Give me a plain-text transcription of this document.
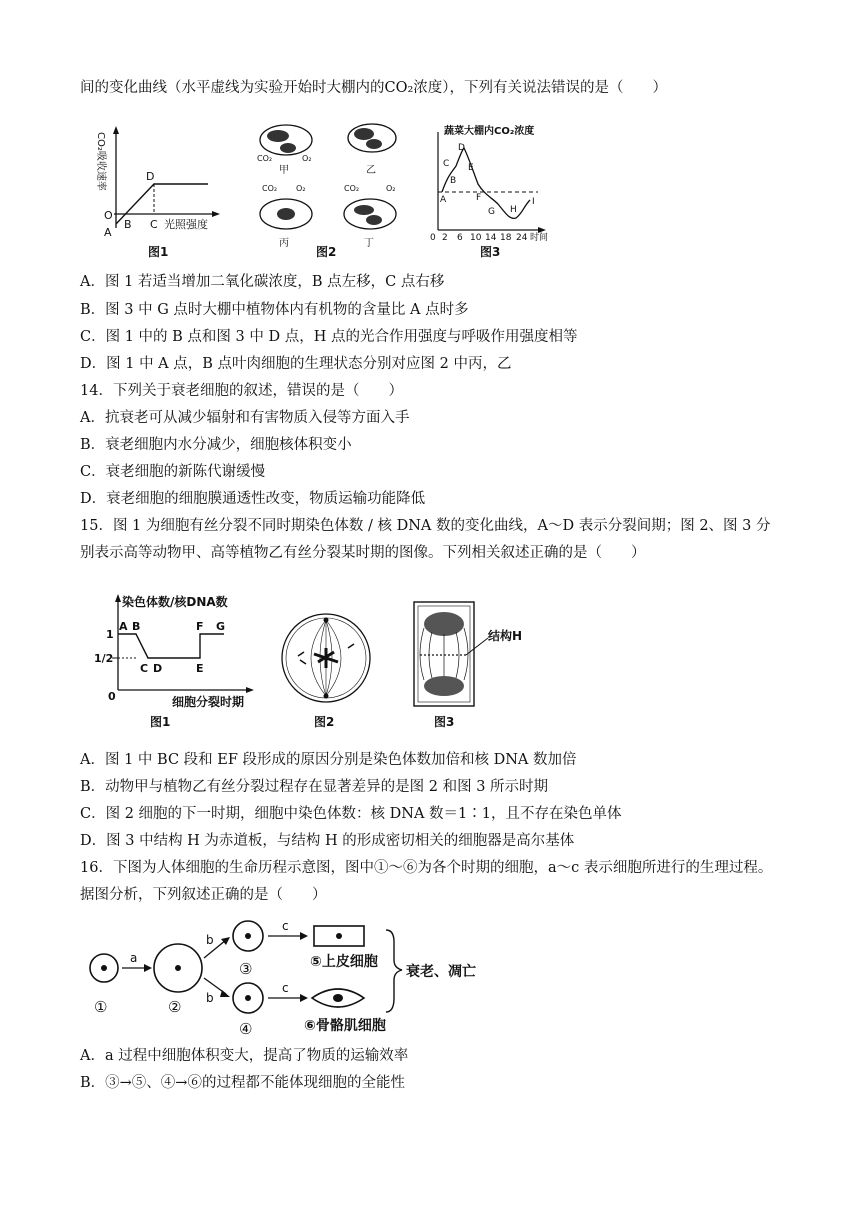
间的变化曲线（水平虚线为实验开始时大棚内的CO₂浓度），下列有关说法错误的是（　　）
CO₂吸收速率	D
O
A
B C 光照强度
图1
CO₂	O₂
甲	乙
CO₂ O₂
丙
CO₂	O₂
丁
图2
蔬菜大棚内CO₂浓度
A
B
C
D
E
F
G H
I
0 2 6 10 14 18 24 时间
图3
A．图 1 若适当增加二氧化碳浓度，B 点左移，C 点右移
B．图 3 中 G 点时大棚中植物体内有机物的含量比 A 点时多
C．图 1 中的 B 点和图 3 中 D 点，H 点的光合作用强度与呼吸作用强度相等
D．图 1 中 A 点，B 点叶肉细胞的生理状态分别对应图 2 中丙，乙
14．下列关于衰老细胞的叙述，错误的是（　　）
A．抗衰老可从减少辐射和有害物质入侵等方面入手
B．衰老细胞内水分减少，细胞核体积变小
C．衰老细胞的新陈代谢缓慢
D．衰老细胞的细胞膜通透性改变，物质运输功能降低
15．图 1 为细胞有丝分裂不同时期染色体数 / 核 DNA 数的变化曲线，A～D 表示分裂间期；图 2、图 3 分
别表示高等动物甲、高等植物乙有丝分裂某时期的图像。下列相关叙述正确的是（　　）
染色体数/核DNA数
1
1/2
0
A B
C D	E
F G
细胞分裂时期
图1	图2
结构H
图3
A．图 1 中 BC 段和 EF 段形成的原因分别是染色体数加倍和核 DNA 数加倍
B．动物甲与植物乙有丝分裂过程存在显著差异的是图 2 和图 3 所示时期
C．图 2 细胞的下一时期，细胞中染色体数：核 DNA 数＝1∶1，且不存在染色单体
D．图 3 中结构 H 为赤道板，与结构 H 的形成密切相关的细胞器是高尔基体
16．下图为人体细胞的生命历程示意图，图中①～⑥为各个时期的细胞，a～c 表示细胞所进行的生理过程。
据图分析，下列叙述正确的是（　　）
①
a
②
b
b
③
④
c
c
⑤上皮细胞
⑥骨骼肌细胞
衰老、凋亡
A．a 过程中细胞体积变大，提高了物质的运输效率
B．③→⑤、④→⑥的过程都不能体现细胞的全能性
